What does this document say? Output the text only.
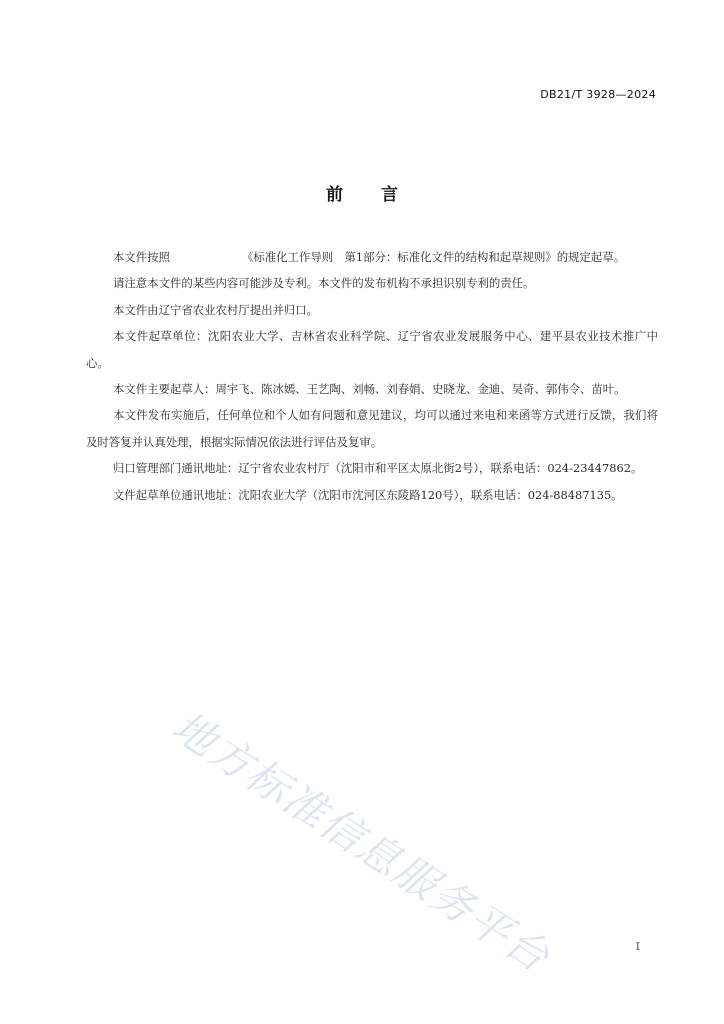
DB21/T 3928—2024
前言

本文件按照	《标准化工作导则　第1部分：标准化文件的结构和起草规则》的规定起草。

请注意本文件的某些内容可能涉及专利。本文件的发布机构不承担识别专利的责任。

本文件由辽宁省农业农村厅提出并归口。

本文件起草单位：沈阳农业大学、吉林省农业科学院、辽宁省农业发展服务中心、建平县农业技术推广中心。

本文件主要起草人：周宇飞、陈冰嫣、王艺陶、刘畅、刘春娟、史晓龙、金迪、吴奇、郭伟令、苗叶。

本文件发布实施后，任何单位和个人如有问题和意见建议，均可以通过来电和来函等方式进行反馈，我们将及时答复并认真处理，根据实际情况依法进行评估及复审。

归口管理部门通讯地址：辽宁省农业农村厅（沈阳市和平区太原北街2号），联系电话：024-23447862。

文件起草单位通讯地址：沈阳农业大学（沈阳市沈河区东陵路120号），联系电话：024-88487135。

地方标准信息服务平台	I
